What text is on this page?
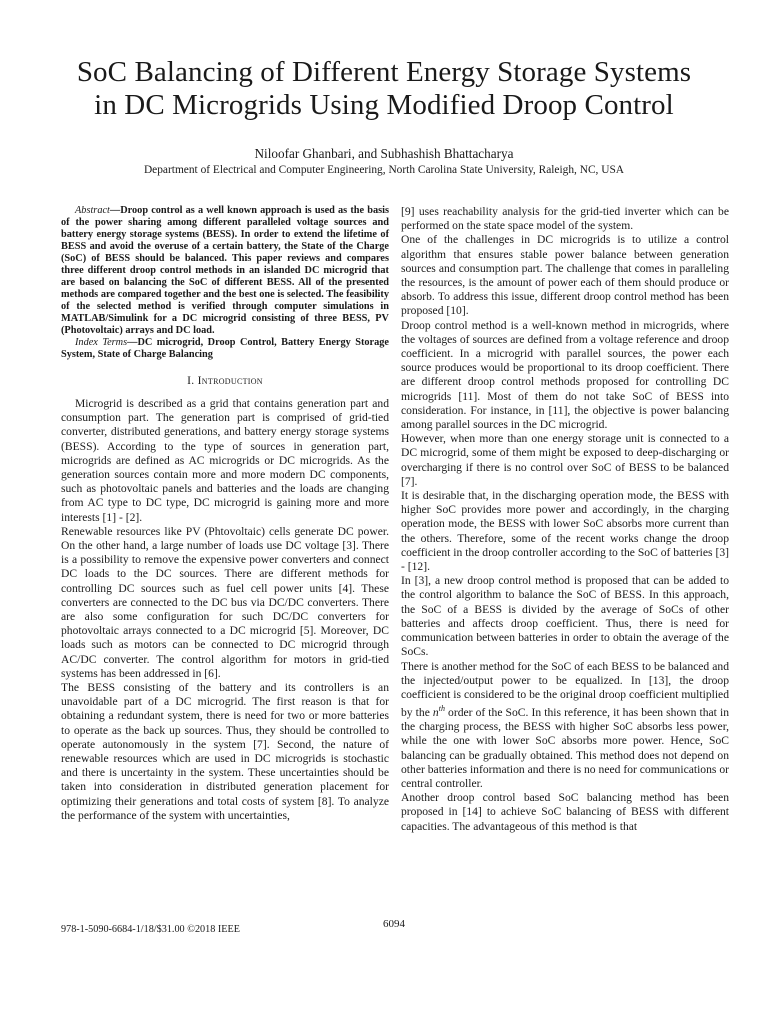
SoC Balancing of Different Energy Storage Systems
in DC Microgrids Using Modified Droop Control
Niloofar Ghanbari, and Subhashish Bhattacharya
Department of Electrical and Computer Engineering, North Carolina State University, Raleigh, NC, USA

Abstract—Droop control as a well known approach is used as the basis of the power sharing among different paralleled voltage sources and battery energy storage systems (BESS). In order to extend the lifetime of BESS and avoid the overuse of a certain battery, the State of the Charge (SoC) of BESS should be balanced. This paper reviews and compares three different droop control methods in an islanded DC microgrid that are based on balancing the SoC of different BESS. All of the presented methods are compared together and the best one is selected. The feasibility of the selected method is verified through computer simulations in MATLAB/Simulink for a DC microgrid consisting of three BESS, PV (Photovoltaic) arrays and DC load.

Index Terms—DC microgrid, Droop Control, Battery Energy Storage System, State of Charge Balancing

I. Introduction

Microgrid is described as a grid that contains generation part and consumption part. The generation part is comprised of grid-tied converter, distributed generations, and battery energy storage systems (BESS). According to the type of sources in generation part, microgrids are defined as AC microgrids or DC microgrids. As the generation sources contain more and more modern DC components, such as photovoltaic panels and batteries and the loads are changing from AC type to DC type, DC microgrid is gaining more and more interests [1] - [2].

Renewable resources like PV (Phtovoltaic) cells generate DC power. On the other hand, a large number of loads use DC voltage [3]. There is a possibility to remove the expensive power converters and connect DC loads to the DC sources. There are different methods for controlling DC sources such as fuel cell power units [4]. These converters are connected to the DC bus via DC/DC converters. There are also some configuration for such DC/DC converters for photovoltaic arrays connected to a DC microgrid [5]. Moreover, DC loads such as motors can be connected to DC microgrid through AC/DC converter. The control algorithm for motors in grid-tied systems has been addressed in [6].

The BESS consisting of the battery and its controllers is an unavoidable part of a DC microgrid. The first reason is that for obtaining a redundant system, there is need for two or more batteries to operate as the back up sources. Thus, they should be controlled to operate autonomously in the system [7]. Second, the nature of renewable resources which are used in DC microgrids is stochastic and there is uncertainty in the system. These uncertainties should be taken into consideration in distributed generation placement for optimizing their generations and total costs of system [8]. To analyze the performance of the system with uncertainties,

[9] uses reachability analysis for the grid-tied inverter which can be performed on the state space model of the system.

One of the challenges in DC microgrids is to utilize a control algorithm that ensures stable power balance between generation sources and consumption part. The challenge that comes in paralleling the resources, is the amount of power each of them should produce or absorb. To address this issue, different droop control method has been proposed [10].

Droop control method is a well-known method in microgrids, where the voltages of sources are defined from a voltage reference and droop coefficient. In a microgrid with parallel sources, the power each source produces would be proportional to its droop coefficient. There are different droop control methods proposed for controlling DC microgrids [11]. Most of them do not take SoC of BESS into consideration. For instance, in [11], the objective is power balancing among parallel sources in the DC microgrid.

However, when more than one energy storage unit is connected to a DC microgrid, some of them might be exposed to deep-discharging or overcharging if there is no control over SoC of BESS to be balanced [7].

It is desirable that, in the discharging operation mode, the BESS with higher SoC provides more power and accordingly, in the charging operation mode, the BESS with lower SoC absorbs more current than the others. Therefore, some of the recent works change the droop coefficient in the droop controller according to the SoC of batteries [3] - [12].

In [3], a new droop control method is proposed that can be added to the control algorithm to balance the SoC of BESS. In this approach, the SoC of a BESS is divided by the average of SoCs of other batteries and affects droop coefficient. Thus, there is need for communication between batteries in order to obtain the average of the SoCs.

There is another method for the SoC of each BESS to be balanced and the injected/output power to be equalized. In [13], the droop coefficient is considered to be the original droop coefficient multiplied by the $n^{th}$ order of the SoC. In this reference, it has been shown that in the charging process, the BESS with higher SoC absorbs less power, while the one with lower SoC absorbs more power. Hence, SoC balancing can be gradually obtained. This method does not depend on other batteries information and there is no need for communications or central controller.

Another droop control based SoC balancing method has been proposed in [14] to achieve SoC balancing of BESS with different capacities. The advantageous of this method is that

978-1-5090-6684-1/18/$31.00 ©2018 IEEE	6094
